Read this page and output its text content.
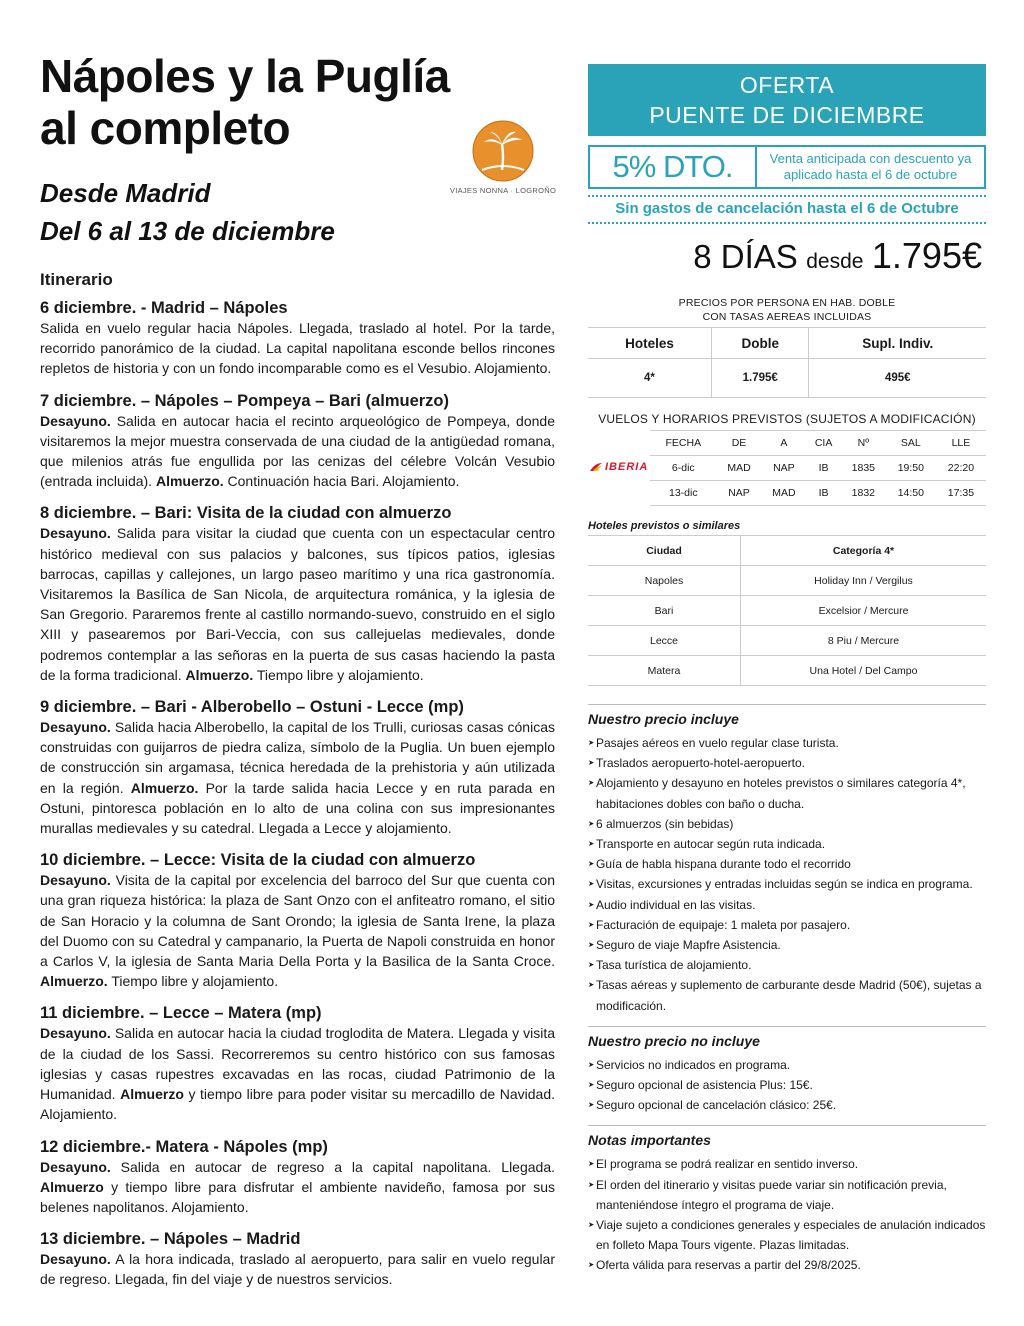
Nápoles y la Puglía
al completo

Desde Madrid

Del 6 al 13 de diciembre

Itinerario
6 diciembre. - Madrid – Nápoles
Salida en vuelo regular hacia Nápoles. Llegada, traslado al hotel. Por la tarde, recorrido panorámico de la ciudad. La capital napolitana esconde bellos rincones repletos de historia y con un fondo incomparable como es el Vesubio. Alojamiento.
7 diciembre. – Nápoles – Pompeya – Bari (almuerzo)
Desayuno. Salida en autocar hacia el recinto arqueológico de Pompeya, donde visitaremos la mejor muestra conservada de una ciudad de la antigüedad romana, que milenios atrás fue engullida por las cenizas del célebre Volcán Vesubio (entrada incluida). Almuerzo. Continuación hacia Bari. Alojamiento.
8 diciembre. – Bari: Visita de la ciudad con almuerzo
Desayuno. Salida para visitar la ciudad que cuenta con un espectacular centro histórico medieval con sus palacios y balcones, sus típicos patios, iglesias barrocas, capillas y callejones, un largo paseo marítimo y una rica gastronomía. Visitaremos la Basílica de San Nicola, de arquitectura románica, y la iglesia de San Gregorio. Pararemos frente al castillo normando-suevo, construido en el siglo XIII y pasearemos por Bari-Veccia, con sus callejuelas medievales, donde podremos contemplar a las señoras en la puerta de sus casas haciendo la pasta de la forma tradicional. Almuerzo. Tiempo libre y alojamiento.
9 diciembre. – Bari - Alberobello – Ostuni - Lecce (mp)
Desayuno. Salida hacia Alberobello, la capital de los Trulli, curiosas casas cónicas construidas con guijarros de piedra caliza, símbolo de la Puglia. Un buen ejemplo de construcción sin argamasa, técnica heredada de la prehistoria y aún utilizada en la región. Almuerzo. Por la tarde salida hacia Lecce y en ruta parada en Ostuni, pintoresca población en lo alto de una colina con sus impresionantes murallas medievales y su catedral. Llegada a Lecce y alojamiento.
10 diciembre. – Lecce: Visita de la ciudad con almuerzo
Desayuno. Visita de la capital por excelencia del barroco del Sur que cuenta con una gran riqueza histórica: la plaza de Sant Onzo con el anfiteatro romano, el sitio de San Horacio y la columna de Sant Orondo; la iglesia de Santa Irene, la plaza del Duomo con su Catedral y campanario, la Puerta de Napoli construida en honor a Carlos V, la iglesia de Santa Maria Della Porta y la Basilica de la Santa Croce. Almuerzo. Tiempo libre y alojamiento.
11 diciembre. – Lecce – Matera (mp)
Desayuno. Salida en autocar hacia la ciudad troglodita de Matera. Llegada y visita de la ciudad de los Sassi. Recorreremos su centro histórico con sus famosas iglesias y casas rupestres excavadas en las rocas, ciudad Patrimonio de la Humanidad. Almuerzo y tiempo libre para poder visitar su mercadillo de Navidad. Alojamiento.
12 diciembre.- Matera - Nápoles (mp)
Desayuno. Salida en autocar de regreso a la capital napolitana. Llegada. Almuerzo y tiempo libre para disfrutar el ambiente navideño, famosa por sus belenes napolitanos. Alojamiento.
13 diciembre. – Nápoles – Madrid
Desayuno. A la hora indicada, traslado al aeropuerto, para salir en vuelo regular de regreso. Llegada, fin del viaje y de nuestros servicios.
VIAJES NONNA · LOGROÑO
OFERTA
PUENTE DE DICIEMBRE
5% DTO.	Venta anticipada con descuento ya aplicado hasta el 6 de octubre
Sin gastos de cancelación hasta el 6 de Octubre
8 DÍAS desde 1.795€
PRECIOS POR PERSONA EN HAB. DOBLE
CON TASAS AEREAS INCLUIDAS
Hoteles	Doble	Supl. Indiv.
4*	1.795€	495€
VUELOS Y HORARIOS PREVISTOS (SUJETOS A MODIFICACIÓN)
	FECHA	DE	A	CIA	Nº	SAL	LLE

IBERIA	6-dic	MAD	NAP	IB	1835	19:50	22:20
	13-dic	NAP	MAD	IB	1832	14:50	17:35
Hoteles previstos o similares
Ciudad	Categoría 4*
Napoles	Holiday Inn / Vergilus
Bari	Excelsior / Mercure
Lecce	8 Piu / Mercure
Matera	Una Hotel / Del Campo
Nuestro precio incluye
➤ Pasajes aéreos en vuelo regular clase turista.
➤ Traslados aeropuerto-hotel-aeropuerto.
➤ Alojamiento y desayuno en hoteles previstos o similares categoría 4*, habitaciones dobles con baño o ducha.
➤ 6 almuerzos (sin bebidas)
➤ Transporte en autocar según ruta indicada.
➤ Guía de habla hispana durante todo el recorrido
➤ Visitas, excursiones y entradas incluidas según se indica en programa.
➤ Audio individual en las visitas.
➤ Facturación de equipaje: 1 maleta por pasajero.
➤ Seguro de viaje Mapfre Asistencia.
➤ Tasa turística de alojamiento.
➤ Tasas aéreas y suplemento de carburante desde Madrid (50€), sujetas a modificación.
Nuestro precio no incluye
➤ Servicios no indicados en programa.
➤ Seguro opcional de asistencia Plus: 15€.
➤ Seguro opcional de cancelación clásico: 25€.
Notas importantes
➤ El programa se podrá realizar en sentido inverso.
➤ El orden del itinerario y visitas puede variar sin notificación previa, manteniéndose íntegro el programa de viaje.
➤ Viaje sujeto a condiciones generales y especiales de anulación indicados en folleto Mapa Tours vigente. Plazas limitadas.
➤ Oferta válida para reservas a partir del 29/8/2025.
